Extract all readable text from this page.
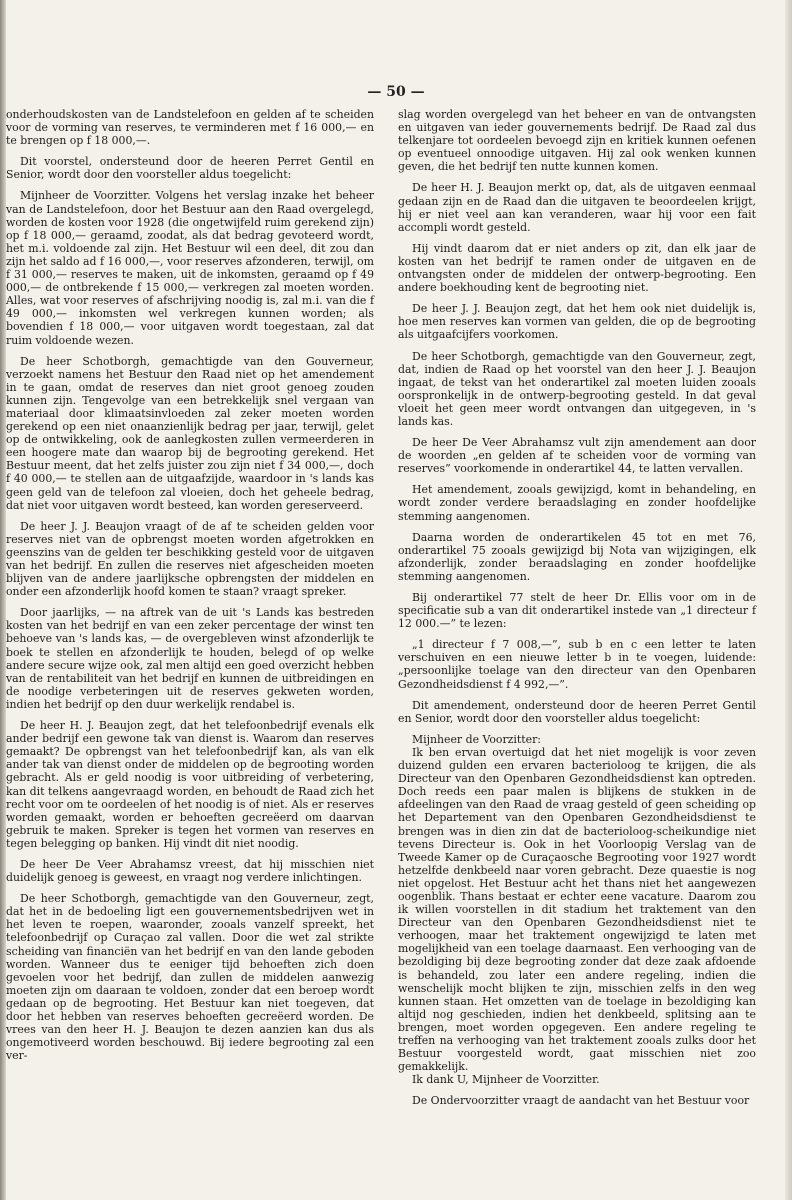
— 50 —

onderhoudskosten van de Landstelefoon en gelden af te scheiden voor de vorming van reserves, te verminderen met f 16 000,— en te brengen op f 18 000,—.

Dit voorstel, ondersteund door de heeren Perret Gentil en Senior, wordt door den voorsteller aldus toegelicht:

Mijnheer de Voorzitter. Volgens het verslag inzake het beheer van de Landstelefoon, door het Bestuur aan den Raad overgelegd, worden de kosten voor 1928 (die ongetwijfeld ruim gerekend zijn) op f 18 000,— geraamd, zoodat, als dat bedrag gevoteerd wordt, het m.i. voldoende zal zijn. Het Bestuur wil een deel, dit zou dan zijn het saldo ad f 16 000,—, voor reserves afzonderen, terwijl, om f 31 000,— reserves te maken, uit de inkomsten, geraamd op f 49 000,— de ontbrekende f 15 000,— verkregen zal moeten worden. Alles, wat voor reserves of afschrijving noodig is, zal m.i. van die f 49 000,— inkomsten wel verkregen kunnen worden; als bovendien f 18 000,— voor uitgaven wordt toegestaan, zal dat ruim voldoende wezen.

De heer Schotborgh, gemachtigde van den Gouverneur, verzoekt namens het Bestuur den Raad niet op het amendement in te gaan, omdat de reserves dan niet groot genoeg zouden kunnen zijn. Tengevolge van een betrekkelijk snel vergaan van materiaal door klimaatsinvloeden zal zeker moeten worden gerekend op een niet onaanzienlijk bedrag per jaar, terwijl, gelet op de ontwikkeling, ook de aanlegkosten zullen vermeerderen in een hoogere mate dan waarop bij de begrooting gerekend. Het Bestuur meent, dat het zelfs juister zou zijn niet f 34 000,—, doch f 40 000,— te stellen aan de uitgaafzijde, waardoor in 's lands kas geen geld van de telefoon zal vloeien, doch het geheele bedrag, dat niet voor uitgaven wordt besteed, kan worden gereserveerd.

De heer J. J. Beaujon vraagt of de af te scheiden gelden voor reserves niet van de opbrengst moeten worden afgetrokken en geenszins van de gelden ter beschikking gesteld voor de uitgaven van het bedrijf. En zullen die reserves niet afgescheiden moeten blijven van de andere jaarlijksche opbrengsten der middelen en onder een afzonderlijk hoofd komen te staan? vraagt spreker.

Door jaarlijks, — na aftrek van de uit 's Lands kas bestreden kosten van het bedrijf en van een zeker percentage der winst ten behoeve van 's lands kas, — de overgebleven winst afzonderlijk te boek te stellen en afzonderlijk te houden, belegd of op welke andere secure wijze ook, zal men altijd een goed overzicht hebben van de rentabiliteit van het bedrijf en kunnen de uitbreidingen en de noodige verbeteringen uit de reserves gekweten worden, indien het bedrijf op den duur werkelijk rendabel is.

De heer H. J. Beaujon zegt, dat het telefoonbedrijf evenals elk ander bedrijf een gewone tak van dienst is. Waarom dan reserves gemaakt? De opbrengst van het telefoonbedrijf kan, als van elk ander tak van dienst onder de middelen op de begrooting worden gebracht. Als er geld noodig is voor uitbreiding of verbetering, kan dit telkens aangevraagd worden, en behoudt de Raad zich het recht voor om te oordeelen of het noodig is of niet. Als er reserves worden gemaakt, worden er behoeften gecreëerd om daarvan gebruik te maken. Spreker is tegen het vormen van reserves en tegen belegging op banken. Hij vindt dit niet noodig.

De heer De Veer Abrahamsz vreest, dat hij misschien niet duidelijk genoeg is geweest, en vraagt nog verdere inlichtingen.

De heer Schotborgh, gemachtigde van den Gouverneur, zegt, dat het in de bedoeling ligt een gouvernementsbedrijven wet in het leven te roepen, waaronder, zooals vanzelf spreekt, het telefoonbedrijf op Curaçao zal vallen. Door die wet zal strikte scheiding van financiën van het bedrijf en van den lande geboden worden. Wanneer dus te eeniger tijd behoeften zich doen gevoelen voor het bedrijf, dan zullen de middelen aanwezig moeten zijn om daaraan te voldoen, zonder dat een beroep wordt gedaan op de begrooting. Het Bestuur kan niet toegeven, dat door het hebben van reserves behoeften gecreëerd worden. De vrees van den heer H. J. Beaujon te dezen aanzien kan dus als ongemotiveerd worden beschouwd. Bij iedere begrooting zal een ver-

slag worden overgelegd van het beheer en van de ontvangsten en uitgaven van ieder gouvernements bedrijf. De Raad zal dus telkenjare tot oordeelen bevoegd zijn en kritiek kunnen oefenen op eventueel onnoodige uitgaven. Hij zal ook wenken kunnen geven, die het bedrijf ten nutte kunnen komen.

De heer H. J. Beaujon merkt op, dat, als de uitgaven eenmaal gedaan zijn en de Raad dan die uitgaven te beoordeelen krijgt, hij er niet veel aan kan veranderen, waar hij voor een fait accompli wordt gesteld.

Hij vindt daarom dat er niet anders op zit, dan elk jaar de kosten van het bedrijf te ramen onder de uitgaven en de ontvangsten onder de middelen der ontwerp-begrooting. Een andere boekhouding kent de begrooting niet.

De heer J. J. Beaujon zegt, dat het hem ook niet duidelijk is, hoe men reserves kan vormen van gelden, die op de begrooting als uitgaafcijfers voorkomen.

De heer Schotborgh, gemachtigde van den Gouverneur, zegt, dat, indien de Raad op het voorstel van den heer J. J. Beaujon ingaat, de tekst van het onderartikel zal moeten luiden zooals oorspronkelijk in de ontwerp-begrooting gesteld. In dat geval vloeit het geen meer wordt ontvangen dan uitgegeven, in 's lands kas.

De heer De Veer Abrahamsz vult zijn amendement aan door de woorden „en gelden af te scheiden voor de vorming van reserves” voorkomende in onderartikel 44, te latten vervallen.

Het amendement, zooals gewijzigd, komt in behandeling, en wordt zonder verdere beraadslaging en zonder hoofdelijke stemming aangenomen.

Daarna worden de onderartikelen 45 tot en met 76, onderartikel 75 zooals gewijzigd bij Nota van wijzigingen, elk afzonderlijk, zonder beraadslaging en zonder hoofdelijke stemming aangenomen.

Bij onderartikel 77 stelt de heer Dr. Ellis voor om in de specificatie sub a van dit onderartikel instede van „1 directeur f 12 000.—” te lezen:

„1 directeur f 7 008,—”, sub b en c een letter te laten verschuiven en een nieuwe letter b in te voegen, luidende: „persoonlijke toelage van den directeur van den Openbaren Gezondheidsdienst f 4 992,—”.

Dit amendement, ondersteund door de heeren Perret Gentil en Senior, wordt door den voorsteller aldus toegelicht:

Mijnheer de Voorzitter:

Ik ben ervan overtuigd dat het niet mogelijk is voor zeven duizend gulden een ervaren bacterioloog te krijgen, die als Directeur van den Openbaren Gezondheidsdienst kan optreden. Doch reeds een paar malen is blijkens de stukken in de afdeelingen van den Raad de vraag gesteld of geen scheiding op het Departement van den Openbaren Gezondheidsdienst te brengen was in dien zin dat de bacterioloog-scheikundige niet tevens Directeur is. Ook in het Voorloopig Verslag van de Tweede Kamer op de Curaçaosche Begrooting voor 1927 wordt hetzelfde denkbeeld naar voren gebracht. Deze quaestie is nog niet opgelost. Het Bestuur acht het thans niet het aangewezen oogenblik. Thans bestaat er echter eene vacature. Daarom zou ik willen voorstellen in dit stadium het traktement van den Directeur van den Openbaren Gezondheidsdienst niet te verhoogen, maar het traktement ongewijzigd te laten met mogelijkheid van een toelage daarnaast. Een verhooging van de bezoldiging bij deze begrooting zonder dat deze zaak afdoende is behandeld, zou later een andere regeling, indien die wenschelijk mocht blijken te zijn, misschien zelfs in den weg kunnen staan. Het omzetten van de toelage in bezoldiging kan altijd nog geschieden, indien het denkbeeld, splitsing aan te brengen, moet worden opgegeven. Een andere regeling te treffen na verhooging van het traktement zooals zulks door het Bestuur voorgesteld wordt, gaat misschien niet zoo gemakkelijk.

Ik dank U, Mijnheer de Voorzitter.

De Ondervoorzitter vraagt de aandacht van het Bestuur voor
